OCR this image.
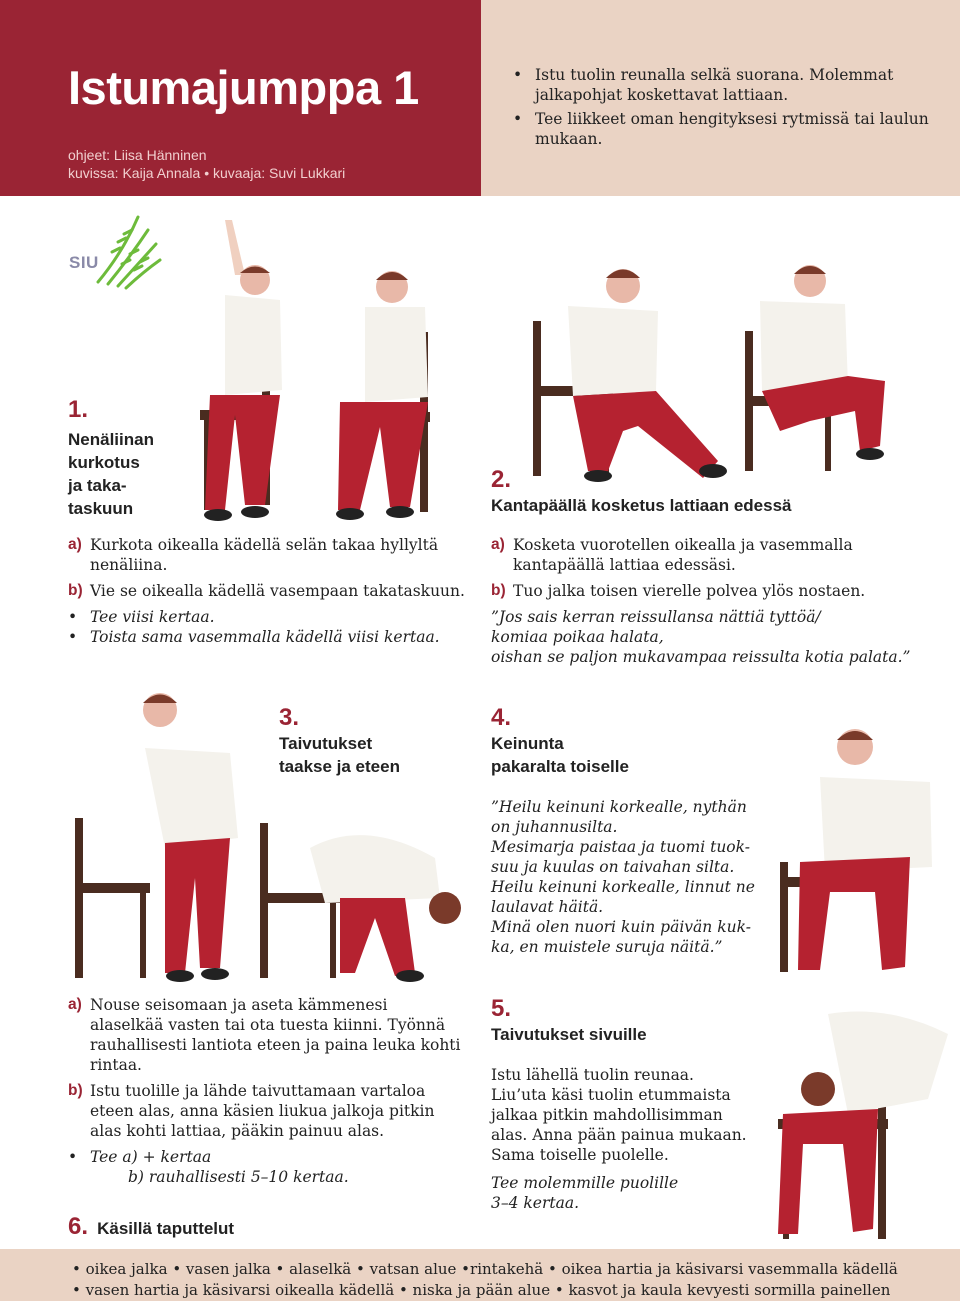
Istumajumppa 1
ohjeet: Liisa Hänninen
kuvissa: Kaija Annala • kuvaaja: Suvi Lukkari
• Istu tuolin reunalla selkä suorana. Molemmat jalkapohjat koskettavat lattiaan.
• Tee liikkeet oman hengityksesi rytmissä tai laulun mukaan.
SIU
1.
Nenäliinan
kurkotus
ja taka-
taskuun
a) Kurkota oikealla kädellä selän takaa hyllyltä nenäliina.
b) Vie se oikealla kädellä vasempaan takataskuun.
• Tee viisi kertaa.
• Toista sama vasemmalla kädellä viisi kertaa.
2.
Kantapäällä kosketus lattiaan edessä
a) Kosketa vuorotellen oikealla ja vasemmalla kantapäällä lattiaa edessäsi.
b) Tuo jalka toisen vierelle polvea ylös nostaen.
”Jos sais kerran reissullansa nättiä tyttöä/
komiaa poikaa halata,
oishan se paljon mukavampaa reissulta kotia palata.”
3.
Taivutukset
taakse ja eteen
a) Nouse seisomaan ja aseta kämmenesi alaselkää vasten tai ota tuesta kiinni. Työnnä rauhallisesti lantiota eteen ja paina leuka kohti rintaa.
b) Istu tuolille ja lähde taivuttamaan vartaloa eteen alas, anna käsien liukua jalkoja pitkin alas kohti lattiaa, pääkin painuu alas.
• Tee a) + kertaa
b) rauhallisesti 5–10 kertaa.
4.
Keinunta
pakaralta toiselle
”Heilu keinuni korkealle, nythän
on juhannusilta.
Mesimarja paistaa ja tuomi tuok-
suu ja kuulas on taivahan silta.
Heilu keinuni korkealle, linnut ne
laulavat häitä.
Minä olen nuori kuin päivän kuk-
ka, en muistele suruja näitä.”
5.
Taivutukset sivuille
Istu lähellä tuolin reunaa.
Liu’uta käsi tuolin etummaista
jalkaa pitkin mahdollisimman
alas. Anna pään painua mukaan.
Sama toiselle puolelle.
Tee molemmille puolille
3–4 kertaa.
6. Käsillä taputtelut
• oikea jalka • vasen jalka • alaselkä • vatsan alue •rintakehä • oikea hartia ja käsivarsi vasemmalla kädellä
• vasen hartia ja käsivarsi oikealla kädellä • niska ja pään alue • kasvot ja kaula kevyesti sormilla painellen
